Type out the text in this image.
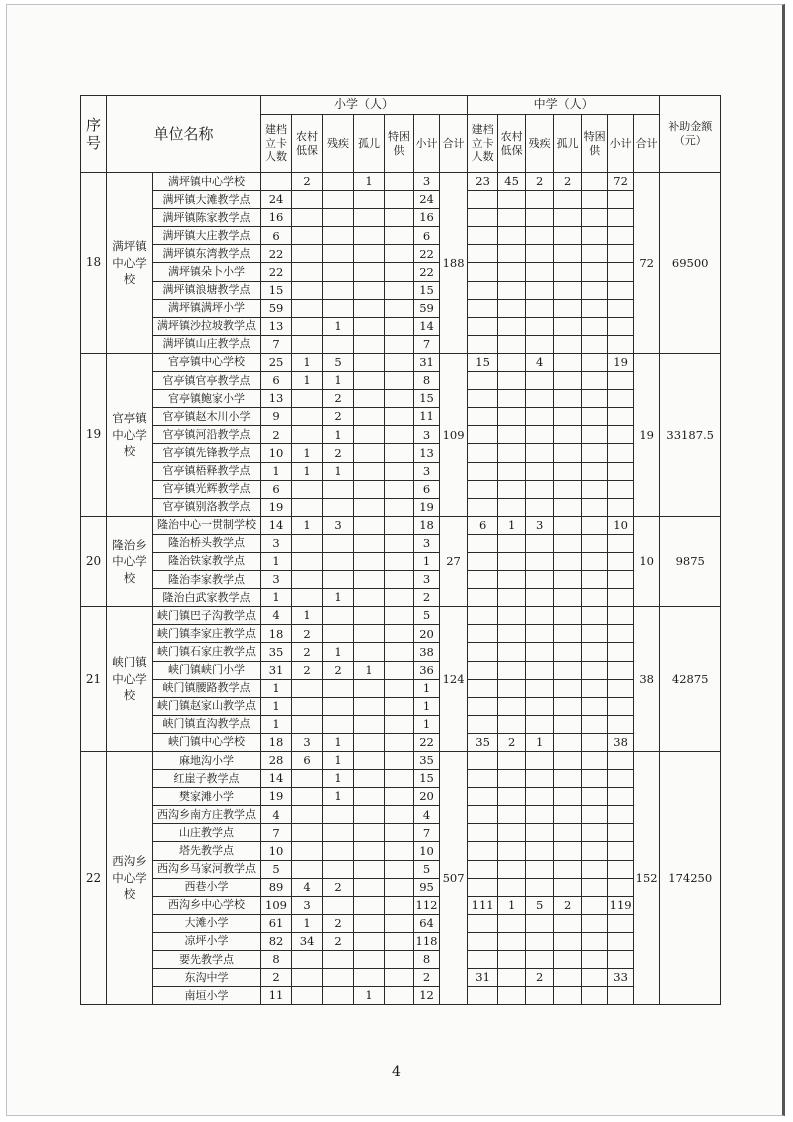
序号	单位名称		小学（人）							中学（人）							补助金额（元）
			建档立卡人数	农村低保	残疾	孤儿	特困供	小计	合计	建档立卡人数	农村低保	残疾	孤儿	特困供	小计	合计	
18	满坪镇中心学校	满坪镇中心学校		2		1		3	188	23	45	2	2		72	72	69500
		满坪镇大滩教学点	24					24									
		满坪镇陈家教学点	16					16									
		满坪镇大庄教学点	6					6									
		满坪镇东湾教学点	22					22									
		满坪镇朵卜小学	22					22									
		满坪镇浪塘教学点	15					15									
		满坪镇满坪小学	59					59									
		满坪镇沙拉坡教学点	13		1			14									
		满坪镇山庄教学点	7					7									
19	官亭镇中心学校	官亭镇中心学校	25	1	5			31	109	15		4			19	19	33187.5
		官亭镇官亭教学点	6	1	1			8									
		官亭镇鲍家小学	13		2			15									
		官亭镇赵木川小学	9		2			11									
		官亭镇河沿教学点	2		1			3									
		官亭镇先锋教学点	10	1	2			13									
		官亭镇梧释教学点	1	1	1			3									
		官亭镇光辉教学点	6					6									
		官亭镇别洛教学点	19					19									
20	隆治乡中心学校	隆治中心一贯制学校	14	1	3			18	27	6	1	3			10	10	9875
		隆治桥头教学点	3					3									
		隆治铁家教学点	1					1									
		隆治李家教学点	3					3									
		隆治白武家教学点	1		1			2									
21	峡门镇中心学校	峡门镇巴子沟教学点	4	1				5	124							38	42875
		峡门镇李家庄教学点	18	2				20									
		峡门镇石家庄教学点	35	2	1			38									
		峡门镇峡门小学	31	2	2	1		36									
		峡门镇腰路教学点	1					1									
		峡门镇赵家山教学点	1					1									
		峡门镇直沟教学点	1					1									
		峡门镇中心学校	18	3	1			22		35	2	1			38		
22	西沟乡中心学校	麻地沟小学	28	6	1			35	507							152	174250
		红崖子教学点	14		1			15									
		樊家滩小学	19		1			20									
		西沟乡南方庄教学点	4					4									
		山庄教学点	7					7									
		塔先教学点	10					10									
		西沟乡马家河教学点	5					5									
		西巷小学	89	4	2			95									
		西沟乡中心学校	109	3				112		111	1	5	2		119		
		大滩小学	61	1	2			64									
		凉坪小学	82	34	2			118									
		要先教学点	8					8									
		东沟中学	2					2		31		2			33		
		南垣小学	11			1		12									
4
